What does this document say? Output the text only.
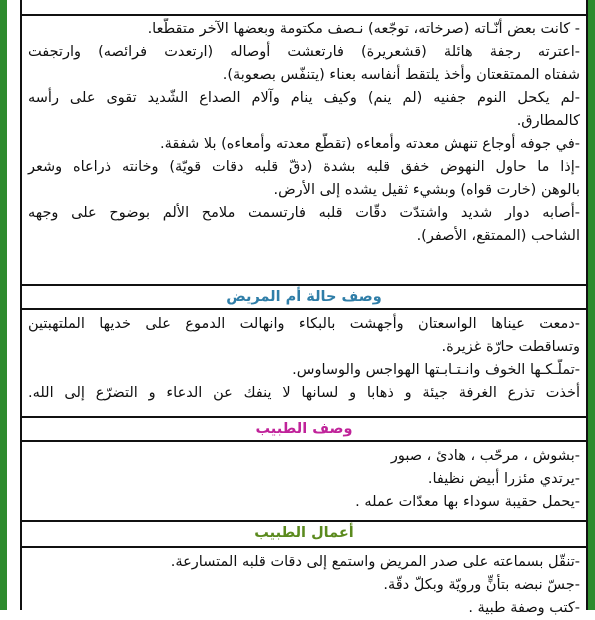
- كانت بعض أنّـاته (صرخاته، توجّعه) نـصف مكتومة وبعضها الآخر متقطّعا.
-اعترته رجفة هائلة (قشعريرة) فارتعشت أوصاله (ارتعدت فرائصه) وارتجفت
شفتاه الممتقعتان وأخذ يلتقط أنفاسه بعناء (يتنفّس بصعوبة).
-لم يكحل النوم جفنيه (لم ينم) وكيف ينام وآلام الصداع الشّديد تقوى على رأسه
كالمطارق.
-في جوفه أوجاع تنهش معدته وأمعاءه (تقطّع معدته وأمعاءه) بلا شفقة.
-إذا ما حاول النهوض خفق قلبه بشدة (دقّ قلبه دقات قويّة) وخانته ذراعاه وشعر
بالوهن (خارت قواه) وبشيء ثقيل يشده إلى الأرض.
-أصابه دوار شديد واشتدّت دقّات قلبه فارتسمت ملامح الألم بوضوح على وجهه
الشاحب (الممتقع، الأصفر).
وصف حالة أم المريض
-دمعت عيناها الواسعتان وأجهشت بالبكاء وانهالت الدموع على خديها الملتهبتين
وتساقطت حارّة غزيرة.
-تملّـكـها الخوف وانـتـابـتها الهواجس والوساوس.
أخذت تذرع الغرفة جيئة و ذهابا و لسانها لا ينفك عن الدعاء و التضرّع إلى الله.
وصف الطبيب
-بشوش ، مرحّب ، هادئ ، صبور
-يرتدي مئزرا أبيض نظيفا.
-يحمل حقيبة سوداء بها معدّات عمله .
أعمال الطبيب
-تنقّل بسماعته على صدر المريض واستمع إلى دقات قلبه المتسارعة.
-جسّ نبضه بتأنٍّ ورويّة وبكلّ دقّة.
-كتب وصفة طبية .
